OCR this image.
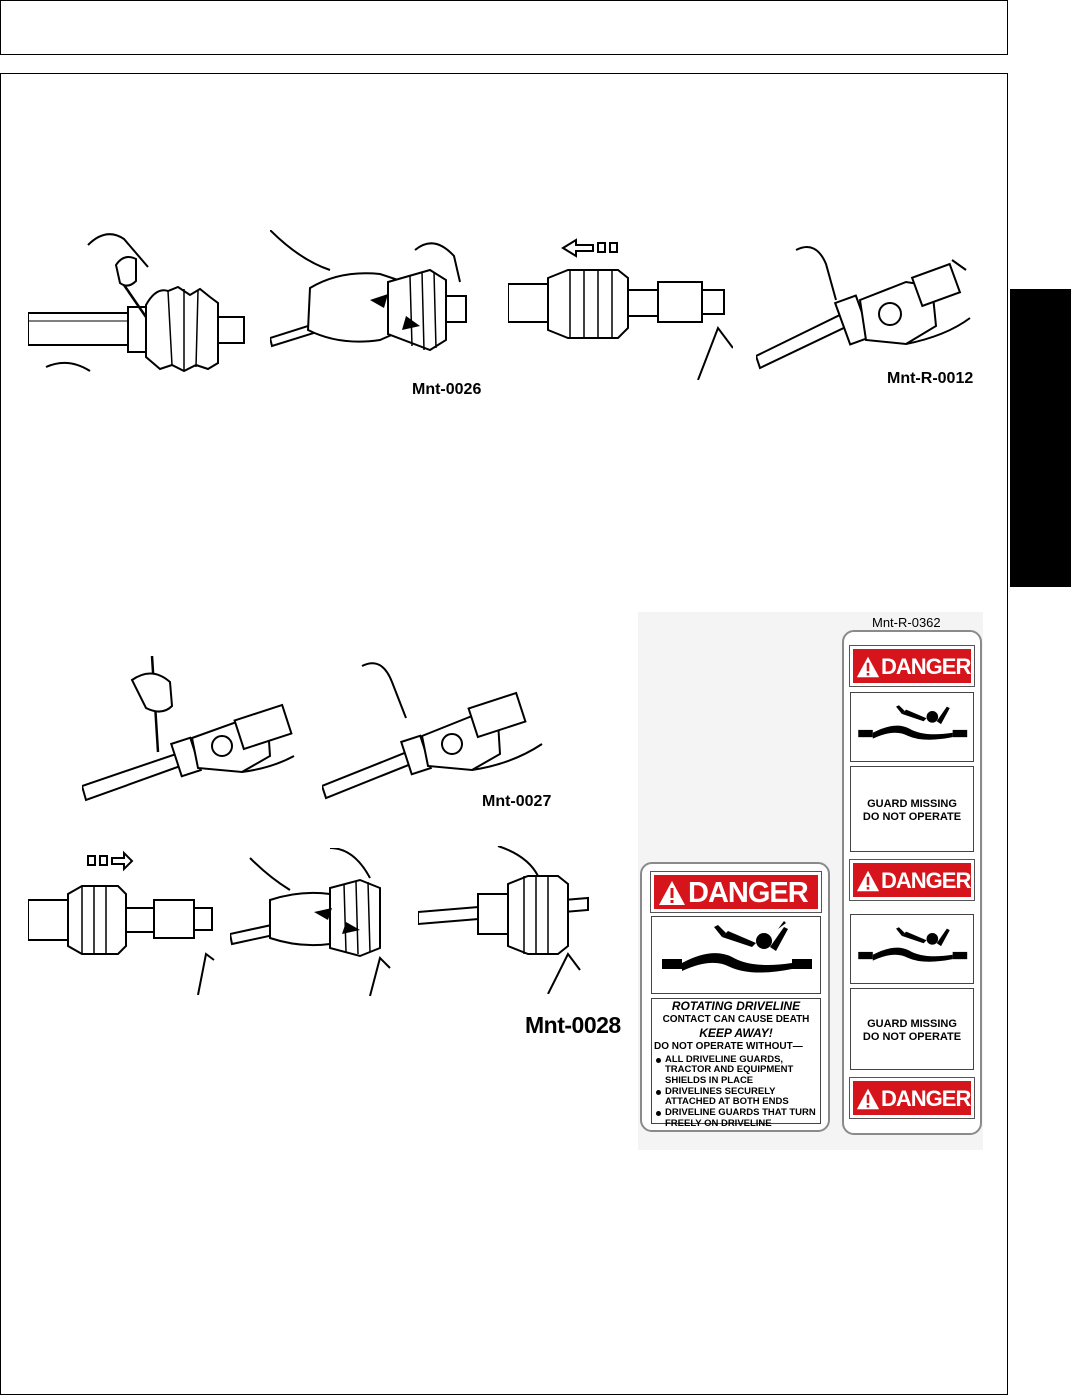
Mnt-0026
Mnt-R-0012
Mnt-0027
Mnt-0028
Mnt-R-0362
DANGER
ROTATING DRIVELINE
CONTACT CAN CAUSE DEATH
KEEP AWAY!
DO NOT OPERATE WITHOUT—
ALL DRIVELINE GUARDS, TRACTOR AND EQUIPMENT SHIELDS IN PLACE
DRIVELINES SECURELY ATTACHED AT BOTH ENDS
DRIVELINE GUARDS THAT TURN FREELY ON DRIVELINE
DANGER
GUARD MISSING
DO NOT OPERATE
DANGER
GUARD MISSING
DO NOT OPERATE
DANGER
